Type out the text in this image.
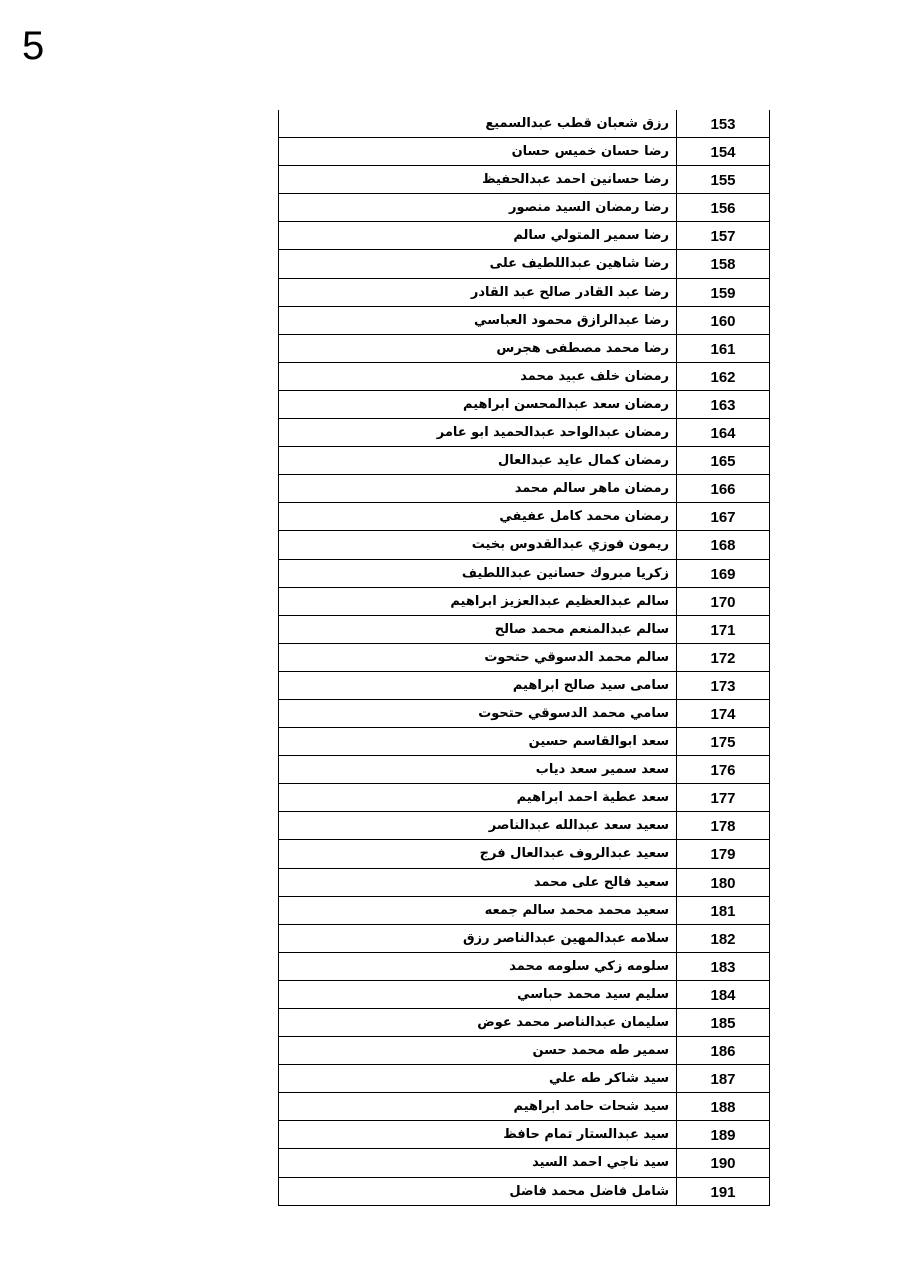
5
رزق شعبان قطب عبدالسميع	153
رضا حسان خميس حسان	154
رضا حسانين احمد عبدالحفيظ	155
رضا رمضان السيد منصور	156
رضا سمير المتولي سالم	157
رضا شاهين عبداللطيف على	158
رضا عبد القادر صالح عبد القادر	159
رضا عبدالرازق محمود العباسي	160
رضا محمد مصطفى هجرس	161
رمضان خلف عبيد محمد	162
رمضان سعد عبدالمحسن ابراهيم	163
رمضان عبدالواحد عبدالحميد ابو عامر	164
رمضان كمال عايد عبدالعال	165
رمضان ماهر سالم محمد	166
رمضان محمد كامل عفيفي	167
ريمون فوزي عبدالقدوس بخيت	168
زكريا مبروك حسانين عبداللطيف	169
سالم عبدالعظيم عبدالعزيز ابراهيم	170
سالم عبدالمنعم محمد صالح	171
سالم محمد الدسوقي حتحوت	172
سامى سيد صالح ابراهيم	173
سامي محمد الدسوقي حتحوت	174
سعد ابوالقاسم حسين	175
سعد سمير سعد دياب	176
سعد عطية احمد ابراهيم	177
سعيد سعد عبدالله عبدالناصر	178
سعيد عبدالروف عبدالعال فرج	179
سعيد فالح على محمد	180
سعيد محمد محمد سالم جمعه	181
سلامه عبدالمهين عبدالناصر رزق	182
سلومه زكي سلومه محمد	183
سليم سيد محمد حباسي	184
سليمان عبدالناصر محمد عوض	185
سمير طه محمد حسن	186
سيد شاكر طه علي	187
سيد شحات حامد ابراهيم	188
سيد عبدالستار تمام حافظ	189
سيد ناجي احمد السيد	190
شامل فاضل محمد فاضل	191
